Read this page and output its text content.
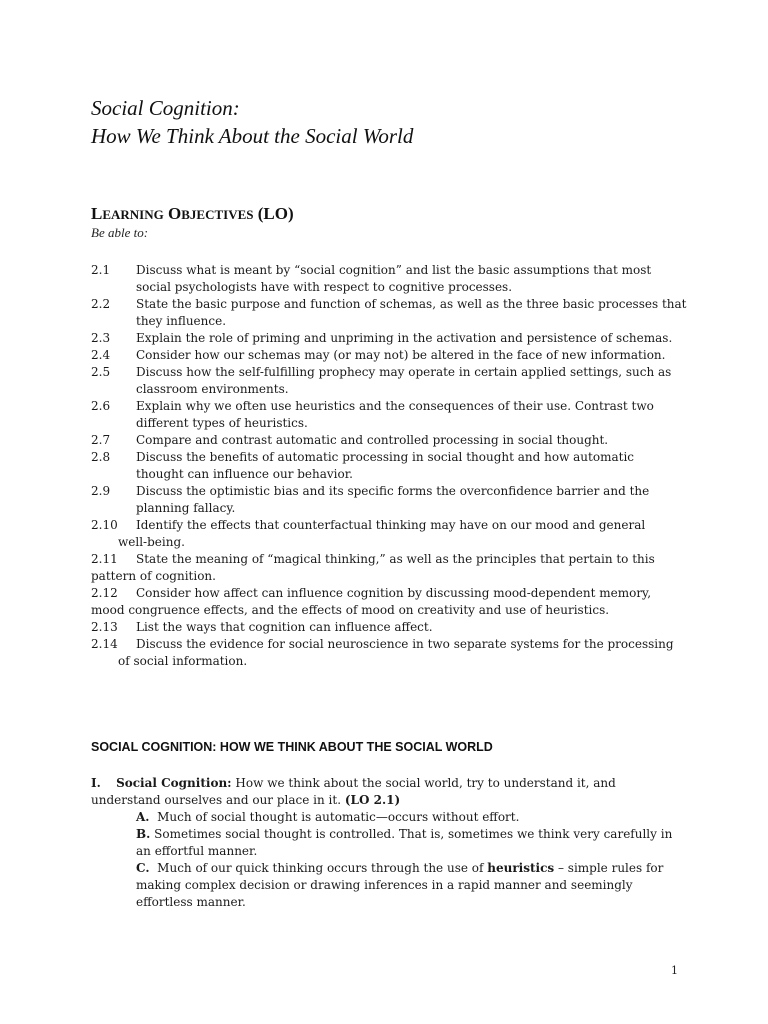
Social Cognition:
How We Think About the Social World
LEARNING OBJECTIVES (LO)
Be able to:
2.1 Discuss what is meant by “social cognition” and list the basic assumptions that most
social psychologists have with respect to cognitive processes.
2.2 State the basic purpose and function of schemas, as well as the three basic processes that
they influence.
2.3 Explain the role of priming and unpriming in the activation and persistence of schemas.
2.4 Consider how our schemas may (or may not) be altered in the face of new information.
2.5 Discuss how the self-fulfilling prophecy may operate in certain applied settings, such as
classroom environments.
2.6 Explain why we often use heuristics and the consequences of their use. Contrast two
different types of heuristics.
2.7 Compare and contrast automatic and controlled processing in social thought.
2.8 Discuss the benefits of automatic processing in social thought and how automatic
thought can influence our behavior.
2.9 Discuss the optimistic bias and its specific forms the overconfidence barrier and the
planning fallacy.
2.10 Identify the effects that counterfactual thinking may have on our mood and general
well-being.
2.11 State the meaning of “magical thinking,” as well as the principles that pertain to this
pattern of cognition.
2.12 Consider how affect can influence cognition by discussing mood-dependent memory,
mood congruence effects, and the effects of mood on creativity and use of heuristics.
2.13 List the ways that cognition can influence affect.
2.14 Discuss the evidence for social neuroscience in two separate systems for the processing
of social information.
SOCIAL COGNITION: HOW WE THINK ABOUT THE SOCIAL WORLD
I. Social Cognition: How we think about the social world, try to understand it, and
understand ourselves and our place in it. (LO 2.1)
A. Much of social thought is automatic—occurs without effort.
B. Sometimes social thought is controlled. That is, sometimes we think very carefully in
an effortful manner.
C. Much of our quick thinking occurs through the use of heuristics – simple rules for
making complex decision or drawing inferences in a rapid manner and seemingly
effortless manner.
1
